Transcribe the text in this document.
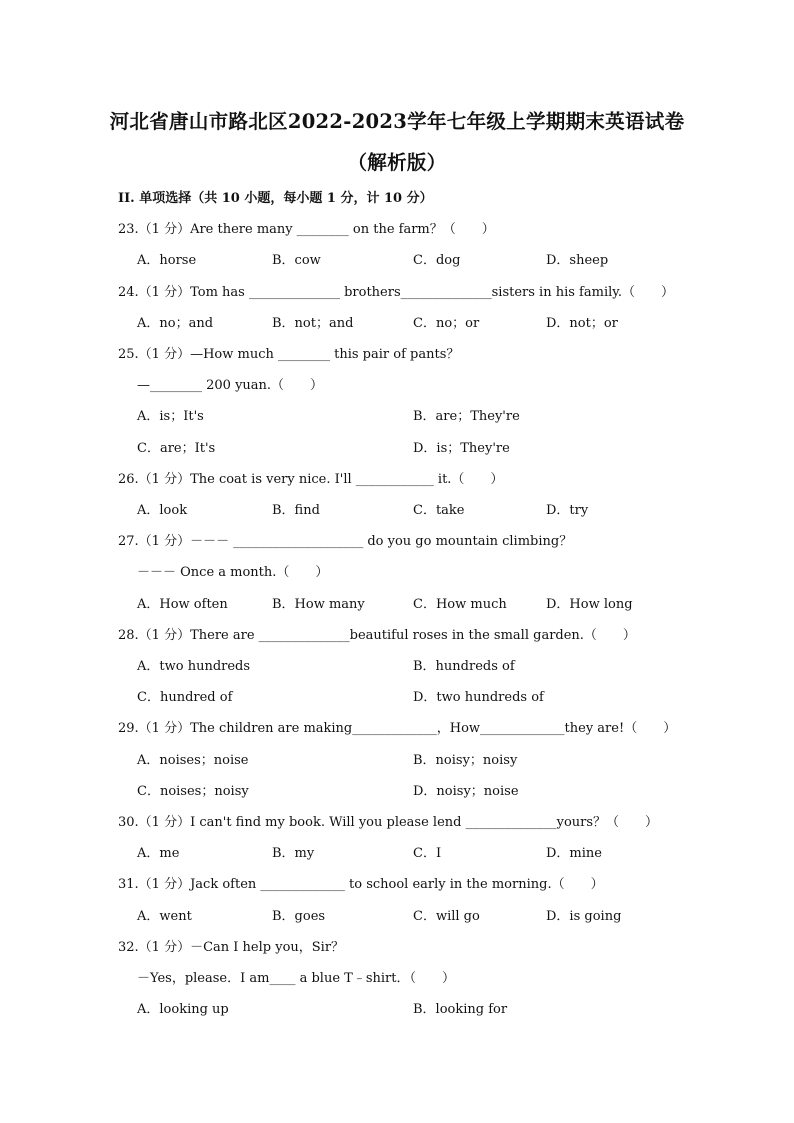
河北省唐山市路北区2022-2023学年七年级上学期期末英语试卷
（解析版）
II. 单项选择（共 10 小题，每小题 1 分，计 10 分）
23.（1 分）Are there many ________ on the farm？（　　）
A．horse	B．cow	C．dog	D．sheep
24.（1 分）Tom has ______________ brothers______________sisters in his family.（　　）
A．no；and	B．not；and	C．no；or	D．not；or
25.（1 分）—How much ________ this pair of pants？
—________ 200 yuan.（　　）
A．is；It's	B．are；They're
C．are；It's	D．is；They're
26.（1 分）The coat is very nice. I'll ____________ it.（　　）
A．look	B．find	C．take	D．try
27.（1 分）－－－ ____________________ do you go mountain climbing？
－－－ Once a month.（　　）
A．How often	B．How many	C．How much	D．How long
28.（1 分）There are ______________beautiful roses in the small garden.（　　）
A．two hundreds	B．hundreds of
C．hundred of	D．two hundreds of
29.（1 分）The children are making_____________，How_____________they are!（　　）
A．noises；noise	B．noisy；noisy
C．noises；noisy	D．noisy；noise
30.（1 分）I can't find my book. Will you please lend ______________yours？（　　）
A．me	B．my	C．I	D．mine
31.（1 分）Jack often _____________ to school early in the morning.（　　）
A．went	B．goes	C．will go	D．is going
32.（1 分）－Can I help you，Sir？
－Yes，please．I am____ a blue T﹣shirt．（　　）
A．looking up	B．looking for
